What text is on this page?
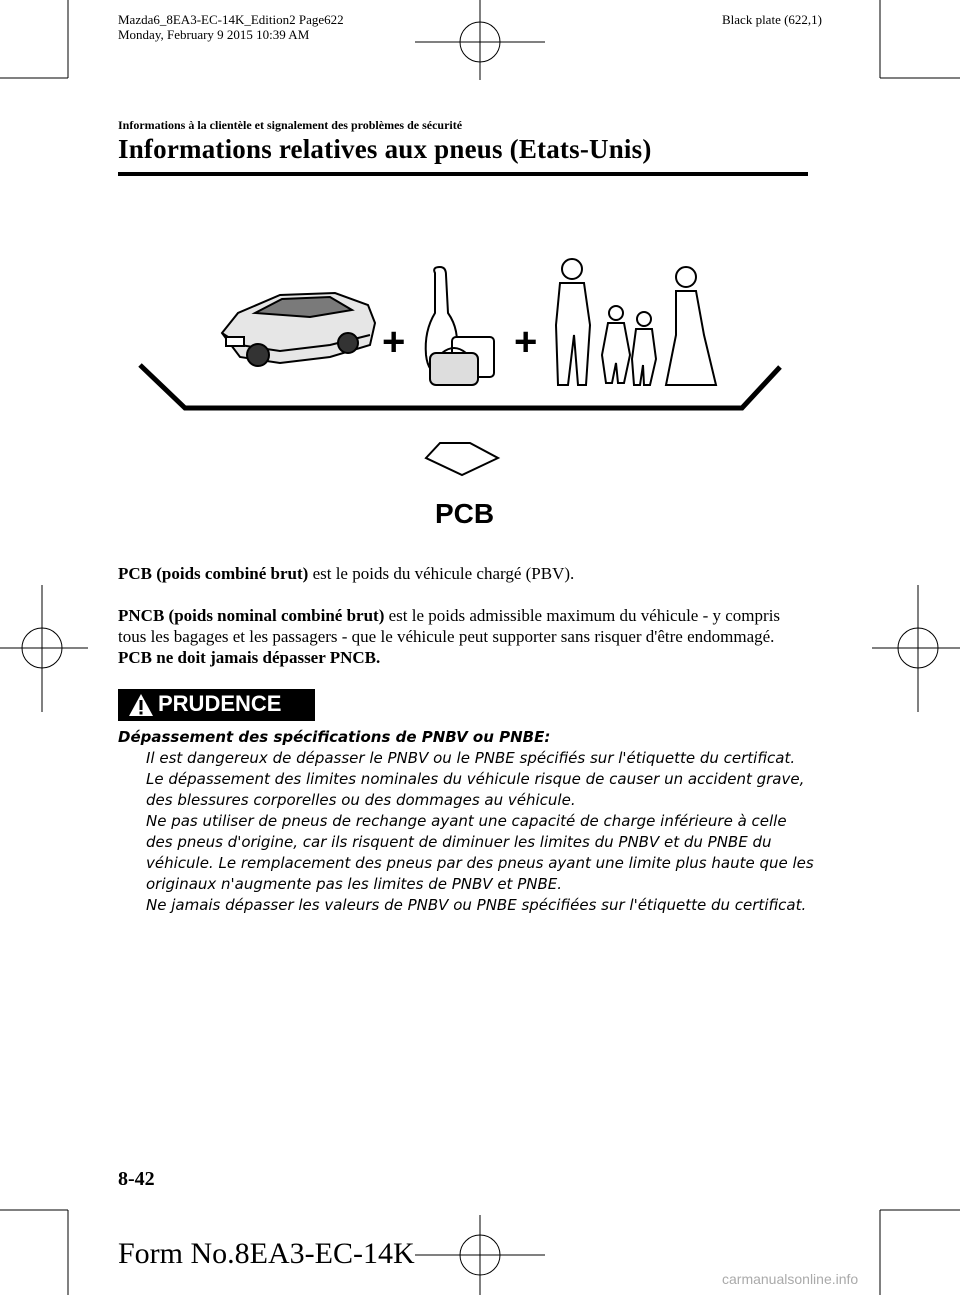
Mazda6_8EA3-EC-14K_Edition2 Page622
Monday, February 9 2015 10:39 AM
Black plate (622,1)
Informations à la clientèle et signalement des problèmes de sécurité
Informations relatives aux pneus (Etats-Unis)
+	+
PCB
PCB (poids combiné brut) est le poids du véhicule chargé (PBV).
PNCB (poids nominal combiné brut) est le poids admissible maximum du véhicule - y compris tous les bagages et les passagers - que le véhicule peut supporter sans risquer d'être endommagé. PCB ne doit jamais dépasser PNCB.
PRUDENCE
Dépassement des spécifications de PNBV ou PNBE:

Il est dangereux de dépasser le PNBV ou le PNBE spécifiés sur l'étiquette du certificat.

Le dépassement des limites nominales du véhicule risque de causer un accident grave, des blessures corporelles ou des dommages au véhicule.

Ne pas utiliser de pneus de rechange ayant une capacité de charge inférieure à celle des pneus d'origine, car ils risquent de diminuer les limites du PNBV et du PNBE du véhicule. Le remplacement des pneus par des pneus ayant une limite plus haute que les originaux n'augmente pas les limites de PNBV et PNBE.

Ne jamais dépasser les valeurs de PNBV ou PNBE spécifiées sur l'étiquette du certificat.

8-42
Form No.8EA3-EC-14K
carmanualsonline.info
